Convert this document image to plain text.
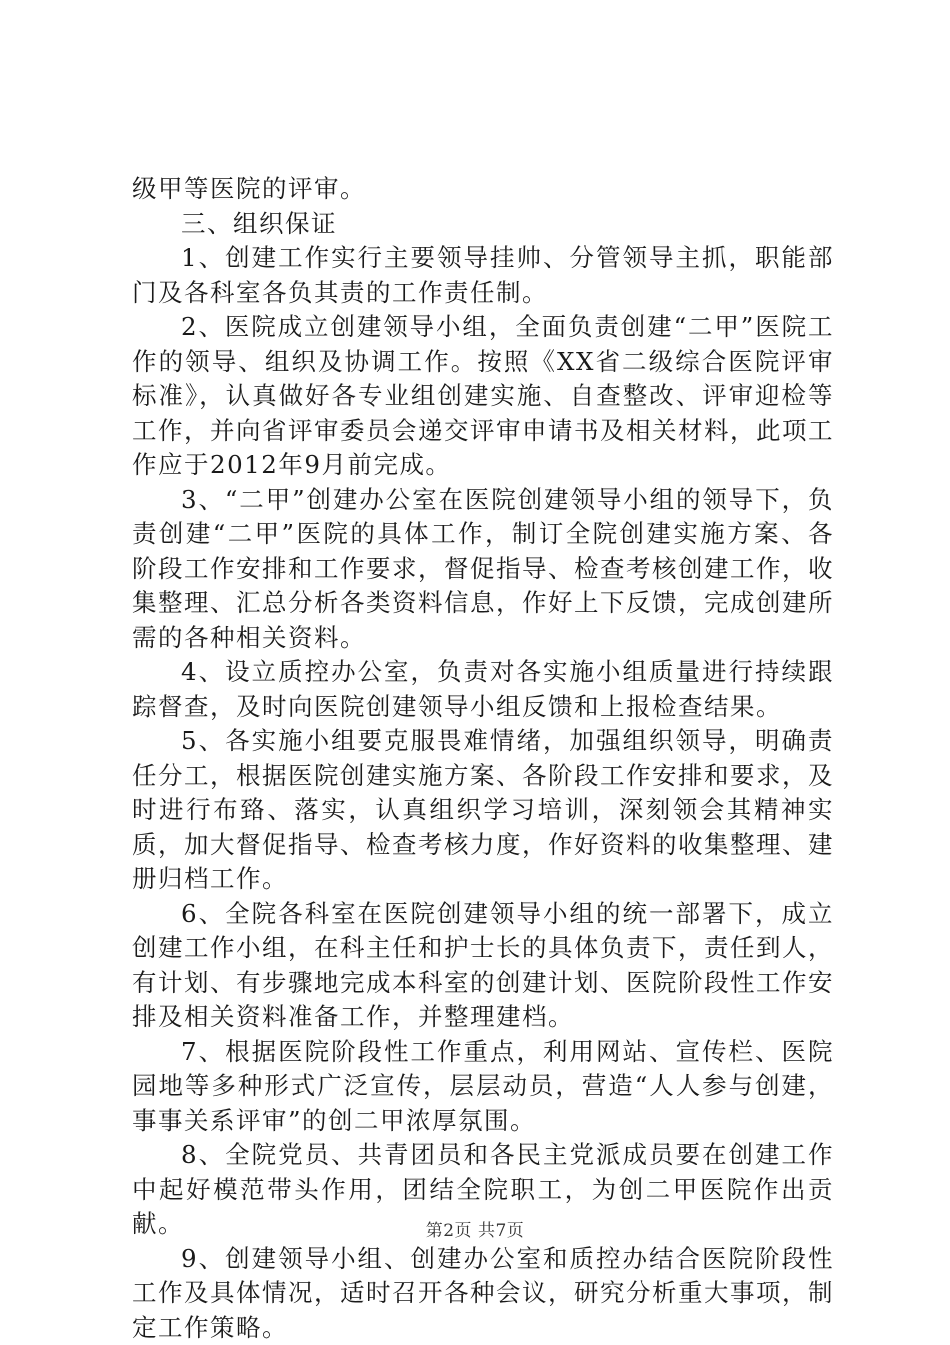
级甲等医院的评审。

三、组织保证

1、创建工作实行主要领导挂帅、分管领导主抓，职能部门及各科室各负其责的工作责任制。

2、医院成立创建领导小组，全面负责创建“二甲”医院工作的领导、组织及协调工作。按照《XX省二级综合医院评审标准》，认真做好各专业组创建实施、自查整改、评审迎检等工作，并向省评审委员会递交评审申请书及相关材料，此项工作应于2012年9月前完成。

3、“二甲”创建办公室在医院创建领导小组的领导下，负责创建“二甲”医院的具体工作，制订全院创建实施方案、各阶段工作安排和工作要求，督促指导、检查考核创建工作，收集整理、汇总分析各类资料信息，作好上下反馈，完成创建所需的各种相关资料。

4、设立质控办公室，负责对各实施小组质量进行持续跟踪督查，及时向医院创建领导小组反馈和上报检查结果。

5、各实施小组要克服畏难情绪，加强组织领导，明确责任分工，根据医院创建实施方案、各阶段工作安排和要求，及时进行布臵、落实，认真组织学习培训，深刻领会其精神实质，加大督促指导、检查考核力度，作好资料的收集整理、建册归档工作。

6、全院各科室在医院创建领导小组的统一部署下，成立创建工作小组，在科主任和护士长的具体负责下，责任到人，有计划、有步骤地完成本科室的创建计划、医院阶段性工作安排及相关资料准备工作，并整理建档。

7、根据医院阶段性工作重点，利用网站、宣传栏、医院园地等多种形式广泛宣传，层层动员，营造“人人参与创建，事事关系评审”的创二甲浓厚氛围。

8、全院党员、共青团员和各民主党派成员要在创建工作中起好模范带头作用，团结全院职工，为创二甲医院作出贡献。

9、创建领导小组、创建办公室和质控办结合医院阶段性工作及具体情况，适时召开各种会议，研究分析重大事项，制定工作策略。

第2页 共7页
